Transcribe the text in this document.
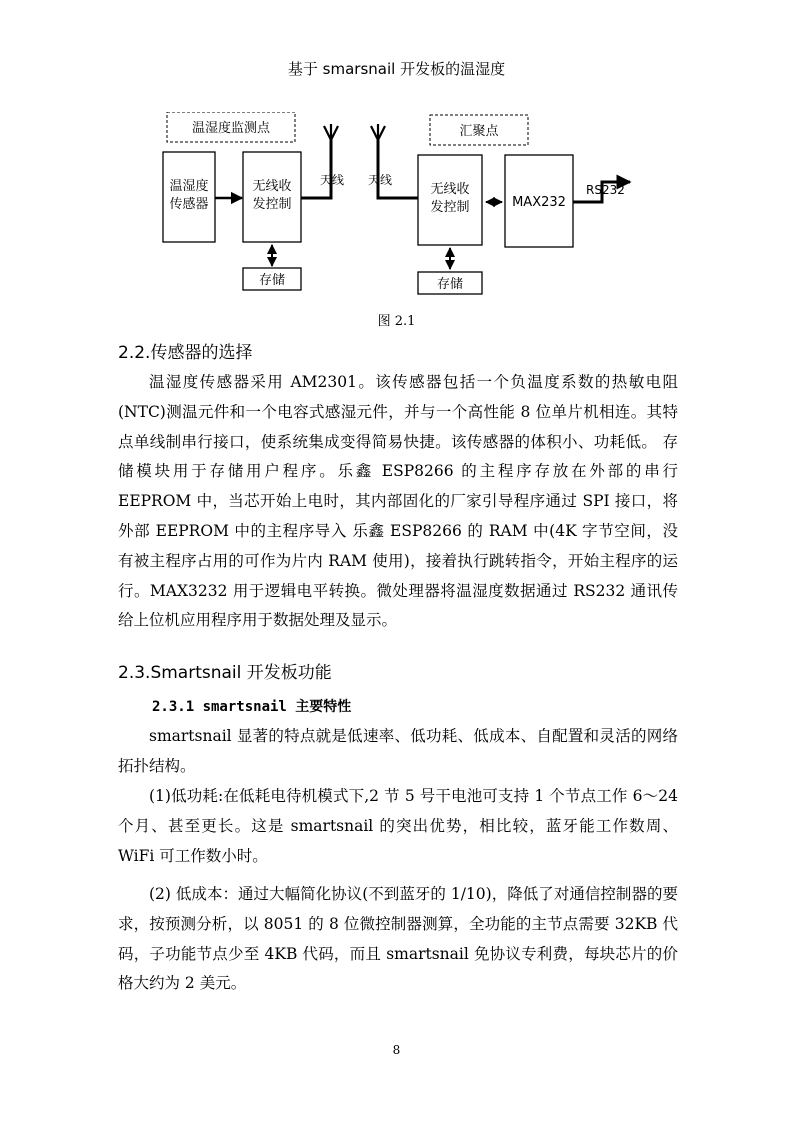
基于 smarsnail 开发板的温湿度
温湿度监测点	汇聚点
温湿度
传感器
无线收
发控制
存储
天线 天线
无线收
发控制	MAX232
RS232
存储
图 2.1
2.2.传感器的选择

温湿度传感器采用 AM2301。该传感器包括一个负温度系数的热敏电阻(NTC)测温元件和一个电容式感湿元件，并与一个高性能 8 位单片机相连。其特点单线制串行接口，使系统集成变得简易快捷。该传感器的体积小、功耗低。 存储模块用于存储用户程序。乐鑫 ESP8266 的主程序存放在外部的串行 EEPROM 中，当芯开始上电时，其内部固化的厂家引导程序通过 SPI 接口，将外部 EEPROM 中的主程序导入 乐鑫 ESP8266 的 RAM 中(4K 字节空间，没有被主程序占用的可作为片内 RAM 使用)，接着执行跳转指令，开始主程序的运行。MAX3232 用于逻辑电平转换。微处理器将温湿度数据通过 RS232 通讯传给上位机应用程序用于数据处理及显示。

2.3.Smartsnail 开发板功能
2.3.1 smartsnail 主要特性

smartsnail 显著的特点就是低速率、低功耗、低成本、自配置和灵活的网络拓扑结构。

(1)低功耗:在低耗电待机模式下,2 节 5 号干电池可支持 1 个节点工作 6～24 个月、甚至更长。这是 smartsnail 的突出优势，相比较，蓝牙能工作数周、WiFi 可工作数小时。

(2) 低成本：通过大幅简化协议(不到蓝牙的 1/10)，降低了对通信控制器的要求，按预测分析，以 8051 的 8 位微控制器测算，全功能的主节点需要 32KB 代码，子功能节点少至 4KB 代码，而且 smartsnail 免协议专利费，每块芯片的价格大约为 2 美元。

8
